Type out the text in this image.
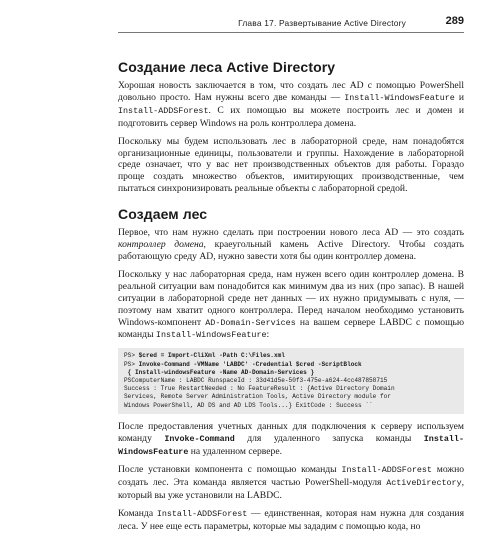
Глава 17. Развертывание Active Directory	289
Создание леса Active Directory

Хорошая новость заключается в том, что создать лес AD с помощью PowerShell довольно просто. Нам нужны всего две команды — Install-WindowsFeature и Install-ADDSForest. С их помощью вы можете построить лес и домен и подготовить сервер Windows на роль контроллера домена.

Поскольку мы будем использовать лес в лабораторной среде, нам понадобятся организационные единицы, пользователи и группы. Нахождение в лабораторной среде означает, что у вас нет производственных объектов для работы. Гораздо проще создать множество объектов, имитирующих производственные, чем пытаться синхронизировать реальные объекты с лабораторной средой.

Создаем лес

Первое, что нам нужно сделать при построении нового леса AD — это создать контроллер домена, краеугольный камень Active Directory. Чтобы создать работающую среду AD, нужно завести хотя бы один контроллер домена.

Поскольку у нас лабораторная среда, нам нужен всего один контроллер домена. В реальной ситуации вам понадобится как минимум два из них (про запас). В нашей ситуации в лабораторной среде нет данных — их нужно придумывать с нуля, — поэтому нам хватит одного контроллера. Перед началом необходимо установить Windows-компонент AD-Domain-Services на вашем сервере LABDC с помощью команды Install-WindowsFeature:

PS> $cred = Import-CliXml -Path C:\Files.xml
PS> Invoke-Command -VMName 'LABDC' -Credential $cred -ScriptBlock
{ Install-windowsFeature -Name AD-Domain-Services }
PSComputerName : LABDC RunspaceId : 33d41d5e-50f3-475e-a624-4cc487858715
Success : True RestartNeeded : No FeatureResult : {Active Directory Domain
Services, Remote Server Administration Tools, Active Directory module for
Windows PowerShell, AD DS and AD LDS Tools...} ExitCode : Success ``

После предоставления учетных данных для подключения к серверу используем команду Invoke-Command для удаленного запуска команды Install-WindowsFeature на удаленном сервере.

После установки компонента с помощью команды Install-ADDSForest можно создать лес. Эта команда является частью PowerShell-модуля ActiveDirectory, который вы уже установили на LABDC.

Команда Install-ADDSForest — единственная, которая нам нужна для создания леса. У нее еще есть параметры, которые мы зададим с помощью кода, но
